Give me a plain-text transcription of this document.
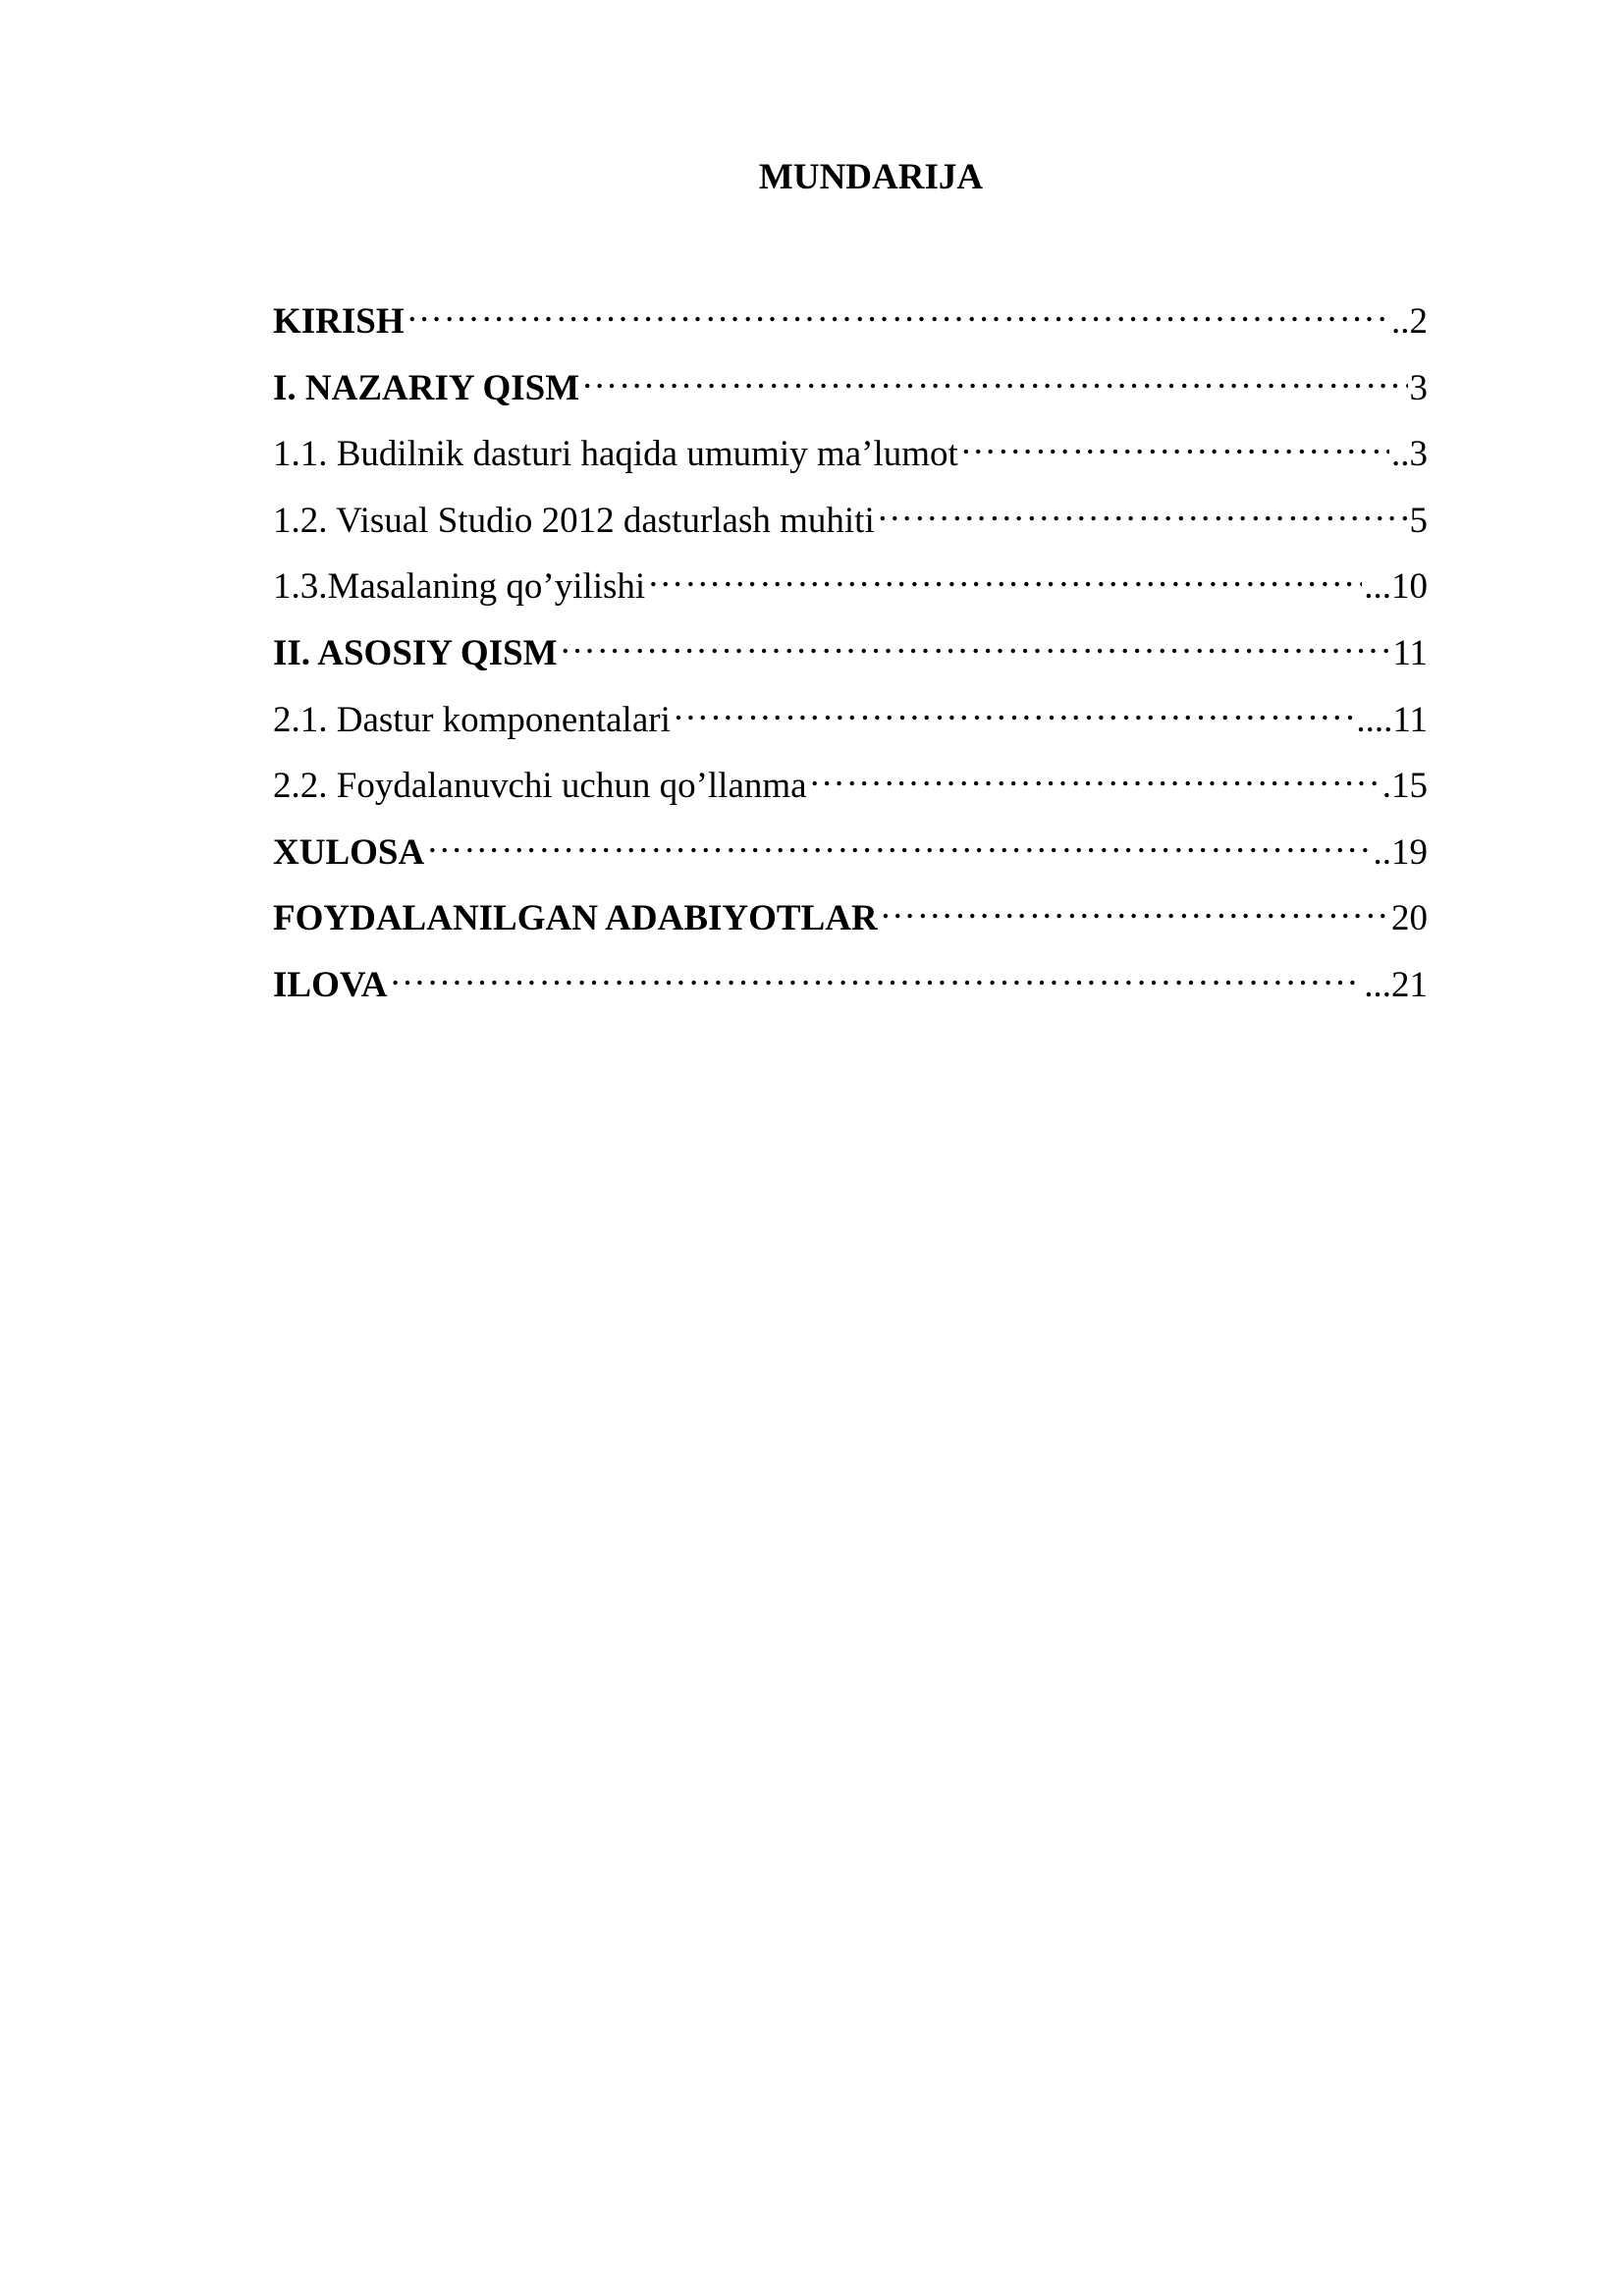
MUNDARIJA
KIRISH …………………………………………………………………………………………………………………………………………………………………………………………	..2
I. NAZARIY QISM …………………………………………………………………………………………………………………………………………………………………………………………	3
1.1. Budilnik dasturi haqida umumiy ma’lumot …………………………………………………………………………………………………………………………………………………………………………………………	..3
1.2. Visual Studio 2012 dasturlash muhiti …………………………………………………………………………………………………………………………………………………………………………………………	5
1.3.Masalaning qo’yilishi …………………………………………………………………………………………………………………………………………………………………………………………	...10
II. ASOSIY QISM …………………………………………………………………………………………………………………………………………………………………………………………	11
2.1. Dastur komponentalari …………………………………………………………………………………………………………………………………………………………………………………………	....11
2.2. Foydalanuvchi uchun qo’llanma …………………………………………………………………………………………………………………………………………………………………………………………	.15
XULOSA …………………………………………………………………………………………………………………………………………………………………………………………	..19
FOYDALANILGAN ADABIYOTLAR …………………………………………………………………………………………………………………………………………………………………………………………	20
ILOVA …………………………………………………………………………………………………………………………………………………………………………………………	...21
